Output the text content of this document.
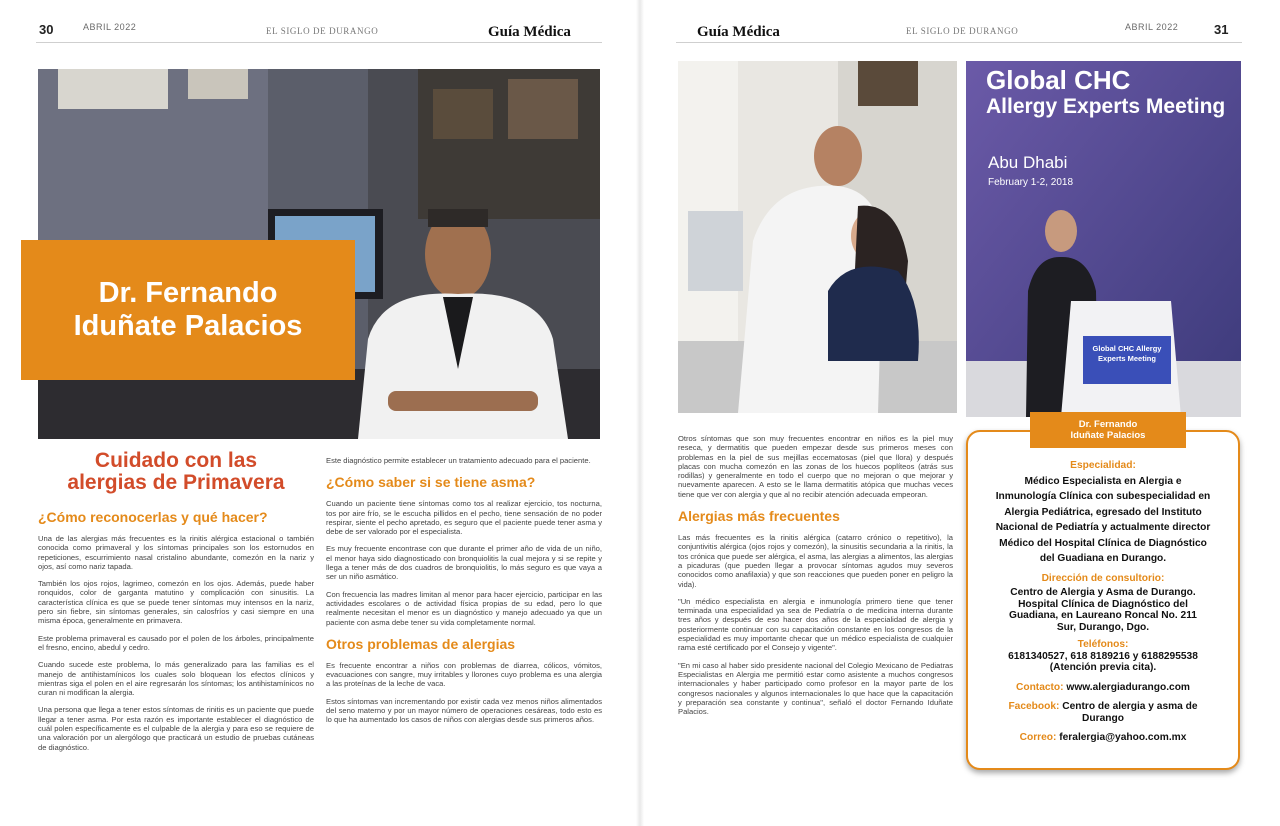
30	ABRIL 2022	EL SIGLO DE DURANGO	Guía Médica
Dr. Fernando
Iduñate Palacios
Cuidado con las
alergias de Primavera
¿Cómo reconocerlas y qué hacer?

Una de las alergias más frecuentes es la rinitis alérgica estacional o también conocida como primaveral y los síntomas principales son los estornudos en repeticiones, escurrimiento nasal cristalino abundante, comezón en la nariz y ojos, así como nariz tapada.

También los ojos rojos, lagrimeo, comezón en los ojos. Además, puede haber ronquidos, color de garganta matutino y complicación con sinusitis. La característica clínica es que se puede tener síntomas muy intensos en la nariz, pero sin fiebre, sin síntomas generales, sin calosfríos y casi siempre en una misma época, generalmente en primavera.

Este problema primaveral es causado por el polen de los árboles, principalmente el fresno, encino, abedul y cedro.

Cuando sucede este problema, lo más generalizado para las familias es el manejo de antihistamínicos los cuales solo bloquean los efectos clínicos y mientras siga el polen en el aire regresarán los síntomas; los antihistamínicos no curan ni modifican la alergia.

Una persona que llega a tener estos síntomas de rinitis es un paciente que puede llegar a tener asma. Por esta razón es importante establecer el diagnóstico de cuál polen específicamente es el culpable de la alergia y para eso se requiere de una valoración por un alergólogo que practicará un estudio de pruebas cutáneas de diagnóstico.

Este diagnóstico permite establecer un tratamiento adecuado para el paciente.

¿Cómo saber si se tiene asma?

Cuando un paciente tiene síntomas como tos al realizar ejercicio, tos nocturna, tos por aire frío, se le escucha pillidos en el pecho, tiene sensación de no poder respirar, siente el pecho apretado, es seguro que el paciente puede tener asma y debe de ser valorado por el especialista.

Es muy frecuente encontrase con que durante el primer año de vida de un niño, el menor haya sido diagnosticado con bronquiolitis la cual mejora y si se repite y llega a tener más de dos cuadros de bronquiolitis, lo más seguro es que vaya a ser un niño asmático.

Con frecuencia las madres limitan al menor para hacer ejercicio, participar en las actividades escolares o de actividad física propias de su edad, pero lo que realmente necesitan el menor es un diagnóstico y manejo adecuado ya que un paciente con asma debe tener su vida completamente normal.

Otros problemas de alergias

Es frecuente encontrar a niños con problemas de diarrea, cólicos, vómitos, evacuaciones con sangre, muy irritables y llorones cuyo problema es una alergia a las proteínas de la leche de vaca.

Estos síntomas van incrementando por existir cada vez menos niños alimentados del seno materno y por un mayor número de operaciones cesáreas, todo esto es lo que ha aumentado los casos de niños con alergias desde sus primeros años.

Guía Médica	EL SIGLO DE DURANGO	ABRIL 2022	31
Global CHC
Allergy Experts Meeting
Abu Dhabi
February 1-2, 2018
Global CHC Allergy
Experts Meeting

Otros síntomas que son muy frecuentes encontrar en niños es la piel muy reseca, y dermatitis que pueden empezar desde sus primeros meses con problemas en la piel de sus mejillas eccematosas (piel que llora) y después placas con mucha comezón en las zonas de los huecos poplíteos (atrás sus rodillas) y generalmente en todo el cuerpo que no mejoran o que mejorar y nuevamente aparecen. A esto se le llama dermatitis atópica que muchas veces tiene que ver con alergia y que al no recibir atención adecuada empeoran.

Alergias más frecuentes

Las más frecuentes es la rinitis alérgica (catarro crónico o repetitivo), la conjuntivitis alérgica (ojos rojos y comezón), la sinusitis secundaria a la rinitis, la tos crónica que puede ser alérgica, el asma, las alergias a alimentos, las alergias a picaduras (que pueden llegar a provocar síntomas agudos muy severos conocidos como anafilaxia) y que son reacciones que pueden poner en peligro la vida).

"Un médico especialista en alergia e inmunología primero tiene que tener terminada una especialidad ya sea de Pediatría o de medicina interna durante tres años y después de eso hacer dos años de la especialidad de alergia y posteriormente continuar con su capacitación constante en los congresos de la especialidad es muy importante checar que un médico especialista de cualquier rama esté certificado por el Consejo y vigente".

"En mi caso al haber sido presidente nacional del Colegio Mexicano de Pediatras Especialistas en Alergia me permitió estar como asistente a muchos congresos internacionales y haber participado como profesor en la mayor parte de los congresos nacionales y algunos internacionales lo que hace que la capacitación y preparación sea constante y continua", señaló el doctor Fernando Iduñate Palacios.

Especialidad:
Médico Especialista en Alergia e
Inmunología Clínica con subespecialidad en
Alergia Pediátrica, egresado del Instituto
Nacional de Pediatría y actualmente director
Médico del Hospital Clínica de Diagnóstico
del Guadiana en Durango.
Dirección de consultorio:
Centro de Alergia y Asma de Durango.
Hospital Clínica de Diagnóstico del
Guadiana, en Laureano Roncal No. 211
Sur, Durango, Dgo.
Teléfonos:
6181340527, 618 8189216 y 6188295538
(Atención previa cita).
Contacto: www.alergiadurango.com
Facebook: Centro de alergia y asma de
Durango
Correo: feralergia@yahoo.com.mx
Dr. Fernando
Iduñate Palacios
